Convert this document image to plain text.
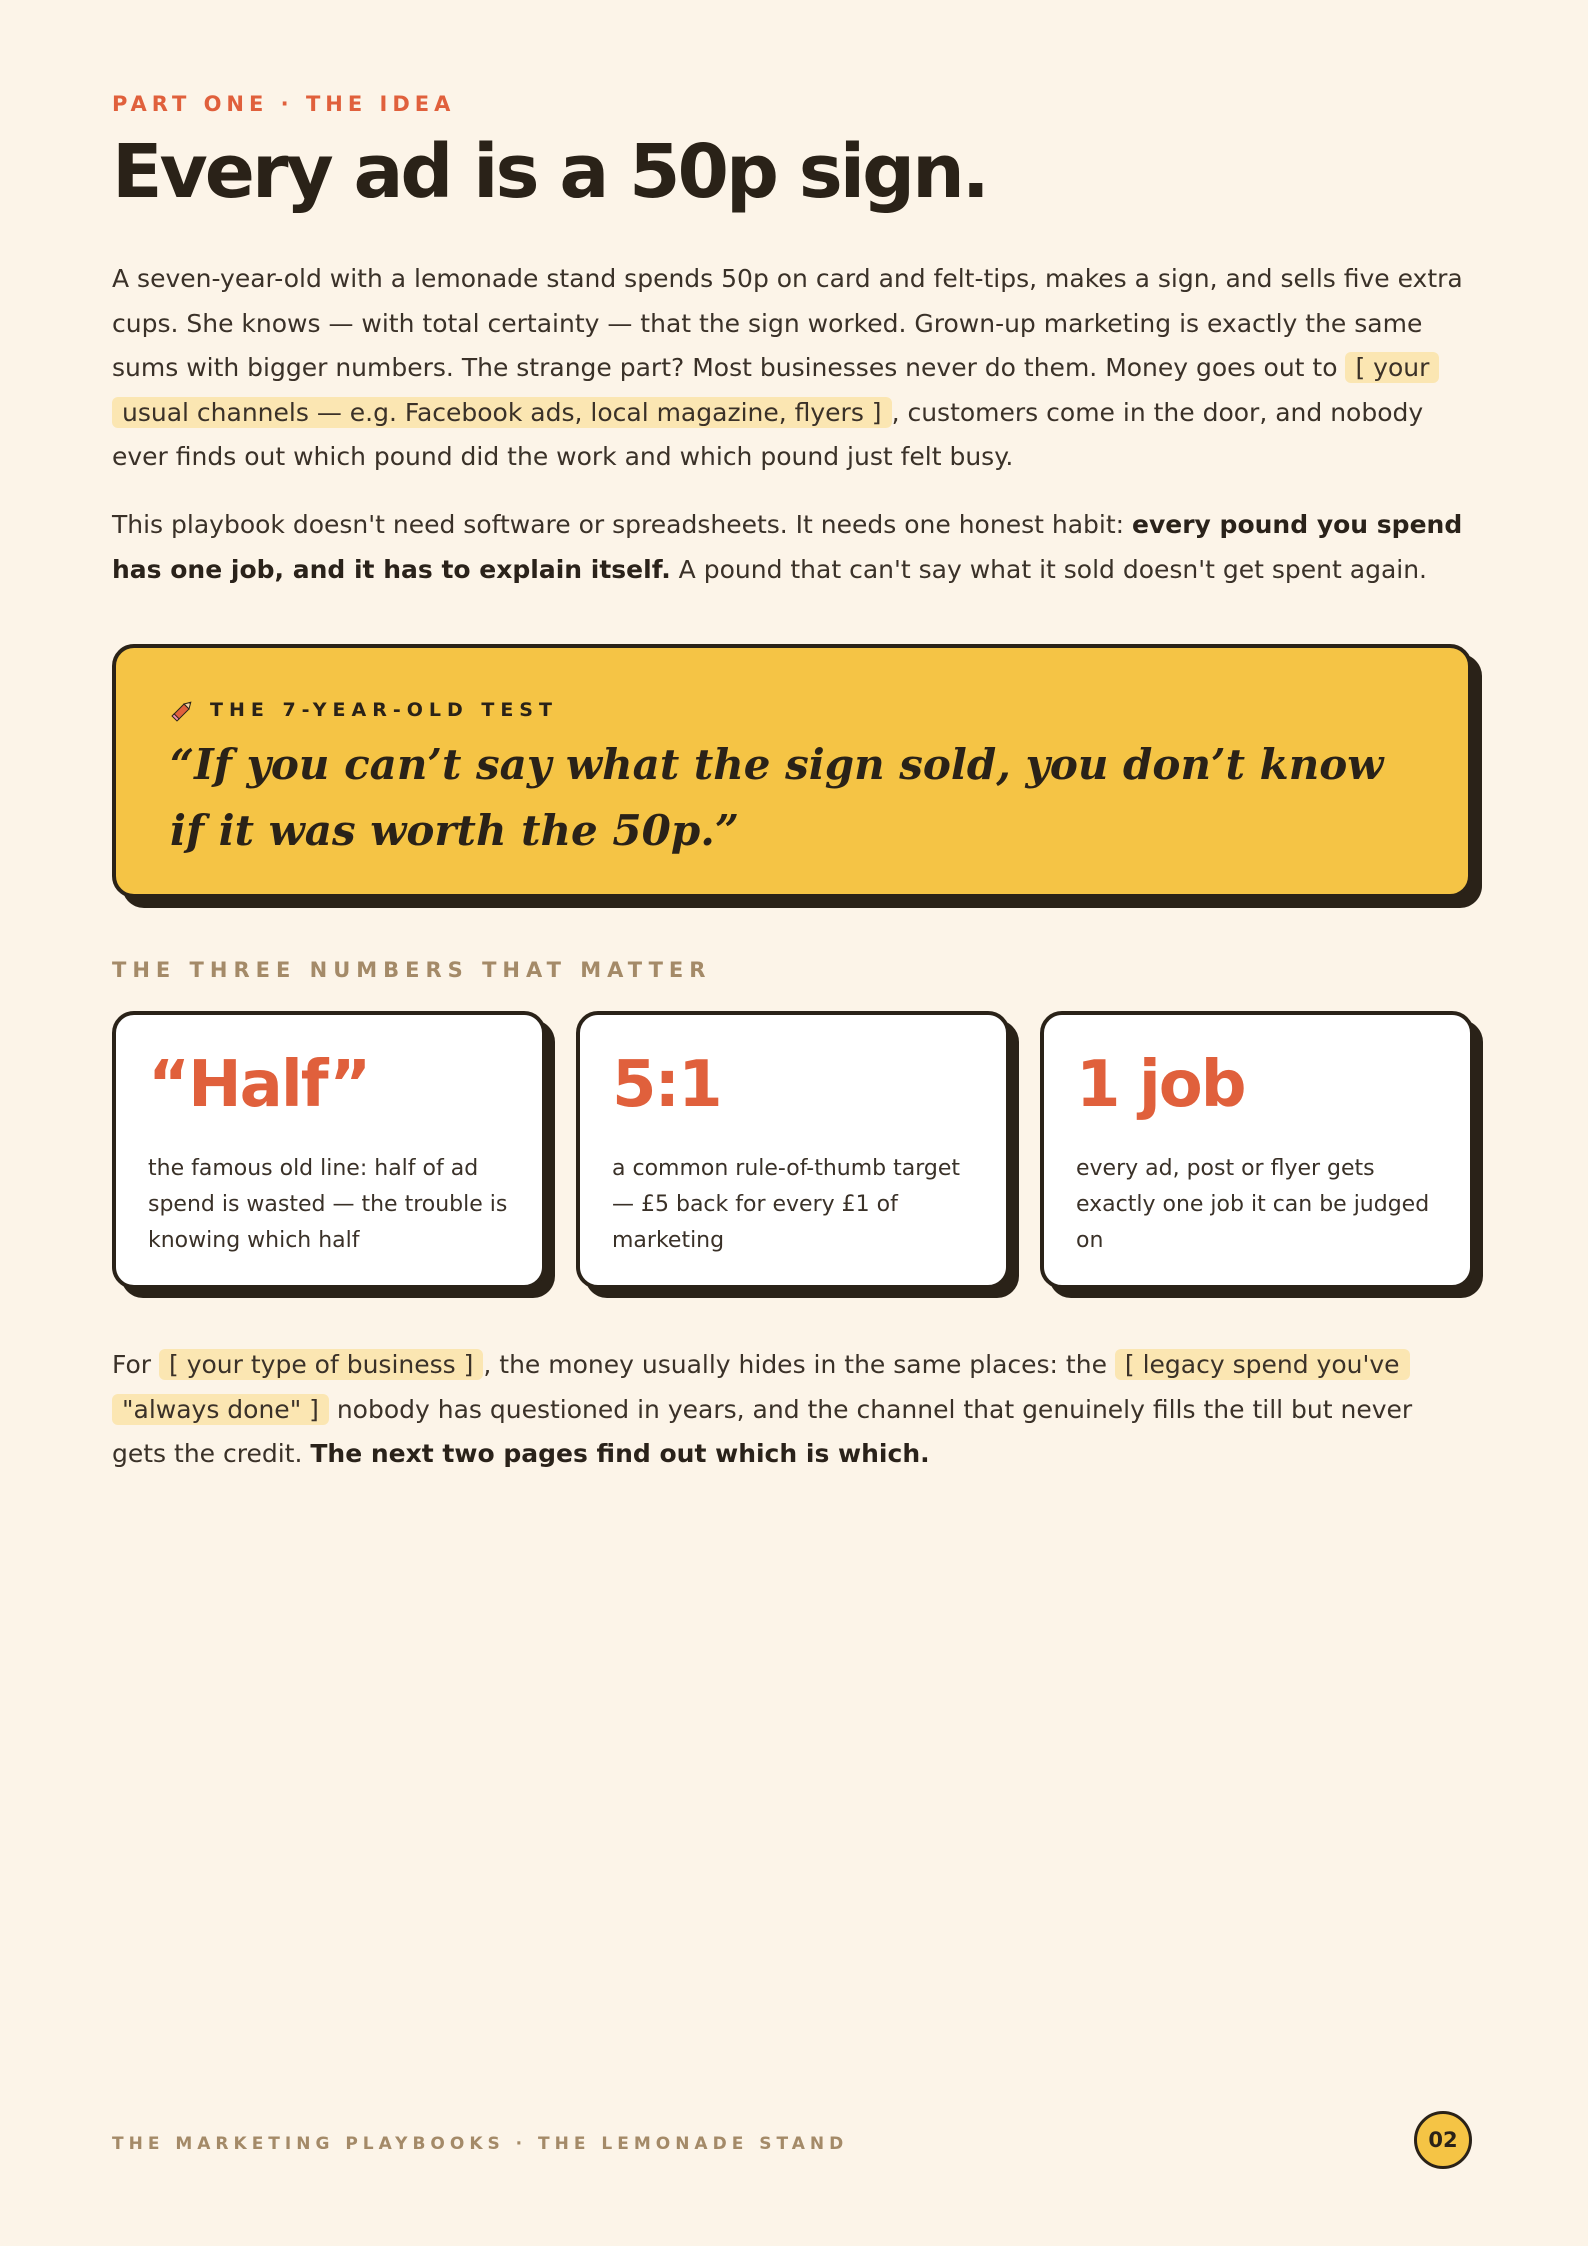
PART ONE · THE IDEA
Every ad is a 50p sign.

A seven-year-old with a lemonade stand spends 50p on card and felt-tips, makes a sign, and sells five extra cups. She knows — with total certainty — that the sign worked. Grown-up marketing is exactly the same sums with bigger numbers. The strange part? Most businesses never do them. Money goes out to [ your usual channels — e.g. Facebook ads, local magazine, flyers ] , customers come in the door, and nobody ever finds out which pound did the work and which pound just felt busy.

This playbook doesn't need software or spreadsheets. It needs one honest habit: every pound you spend has one job, and it has to explain itself. A pound that can't say what it sold doesn't get spent again.

THE 7-YEAR-OLD TEST
“If you can’t say what the sign sold, you don’t know if it was worth the 50p.”
THE THREE NUMBERS THAT MATTER
“Half”
the famous old line: half of ad spend is wasted — the trouble is knowing which half
5:1
a common rule-of-thumb target — £5 back for every £1 of marketing
1 job
every ad, post or flyer gets exactly one job it can be judged on

For [ your type of business ] , the money usually hides in the same places: the [ legacy spend you've "always done" ] nobody has questioned in years, and the channel that genuinely fills the till but never gets the credit. The next two pages find out which is which.

THE MARKETING PLAYBOOKS · THE LEMONADE STAND	02
